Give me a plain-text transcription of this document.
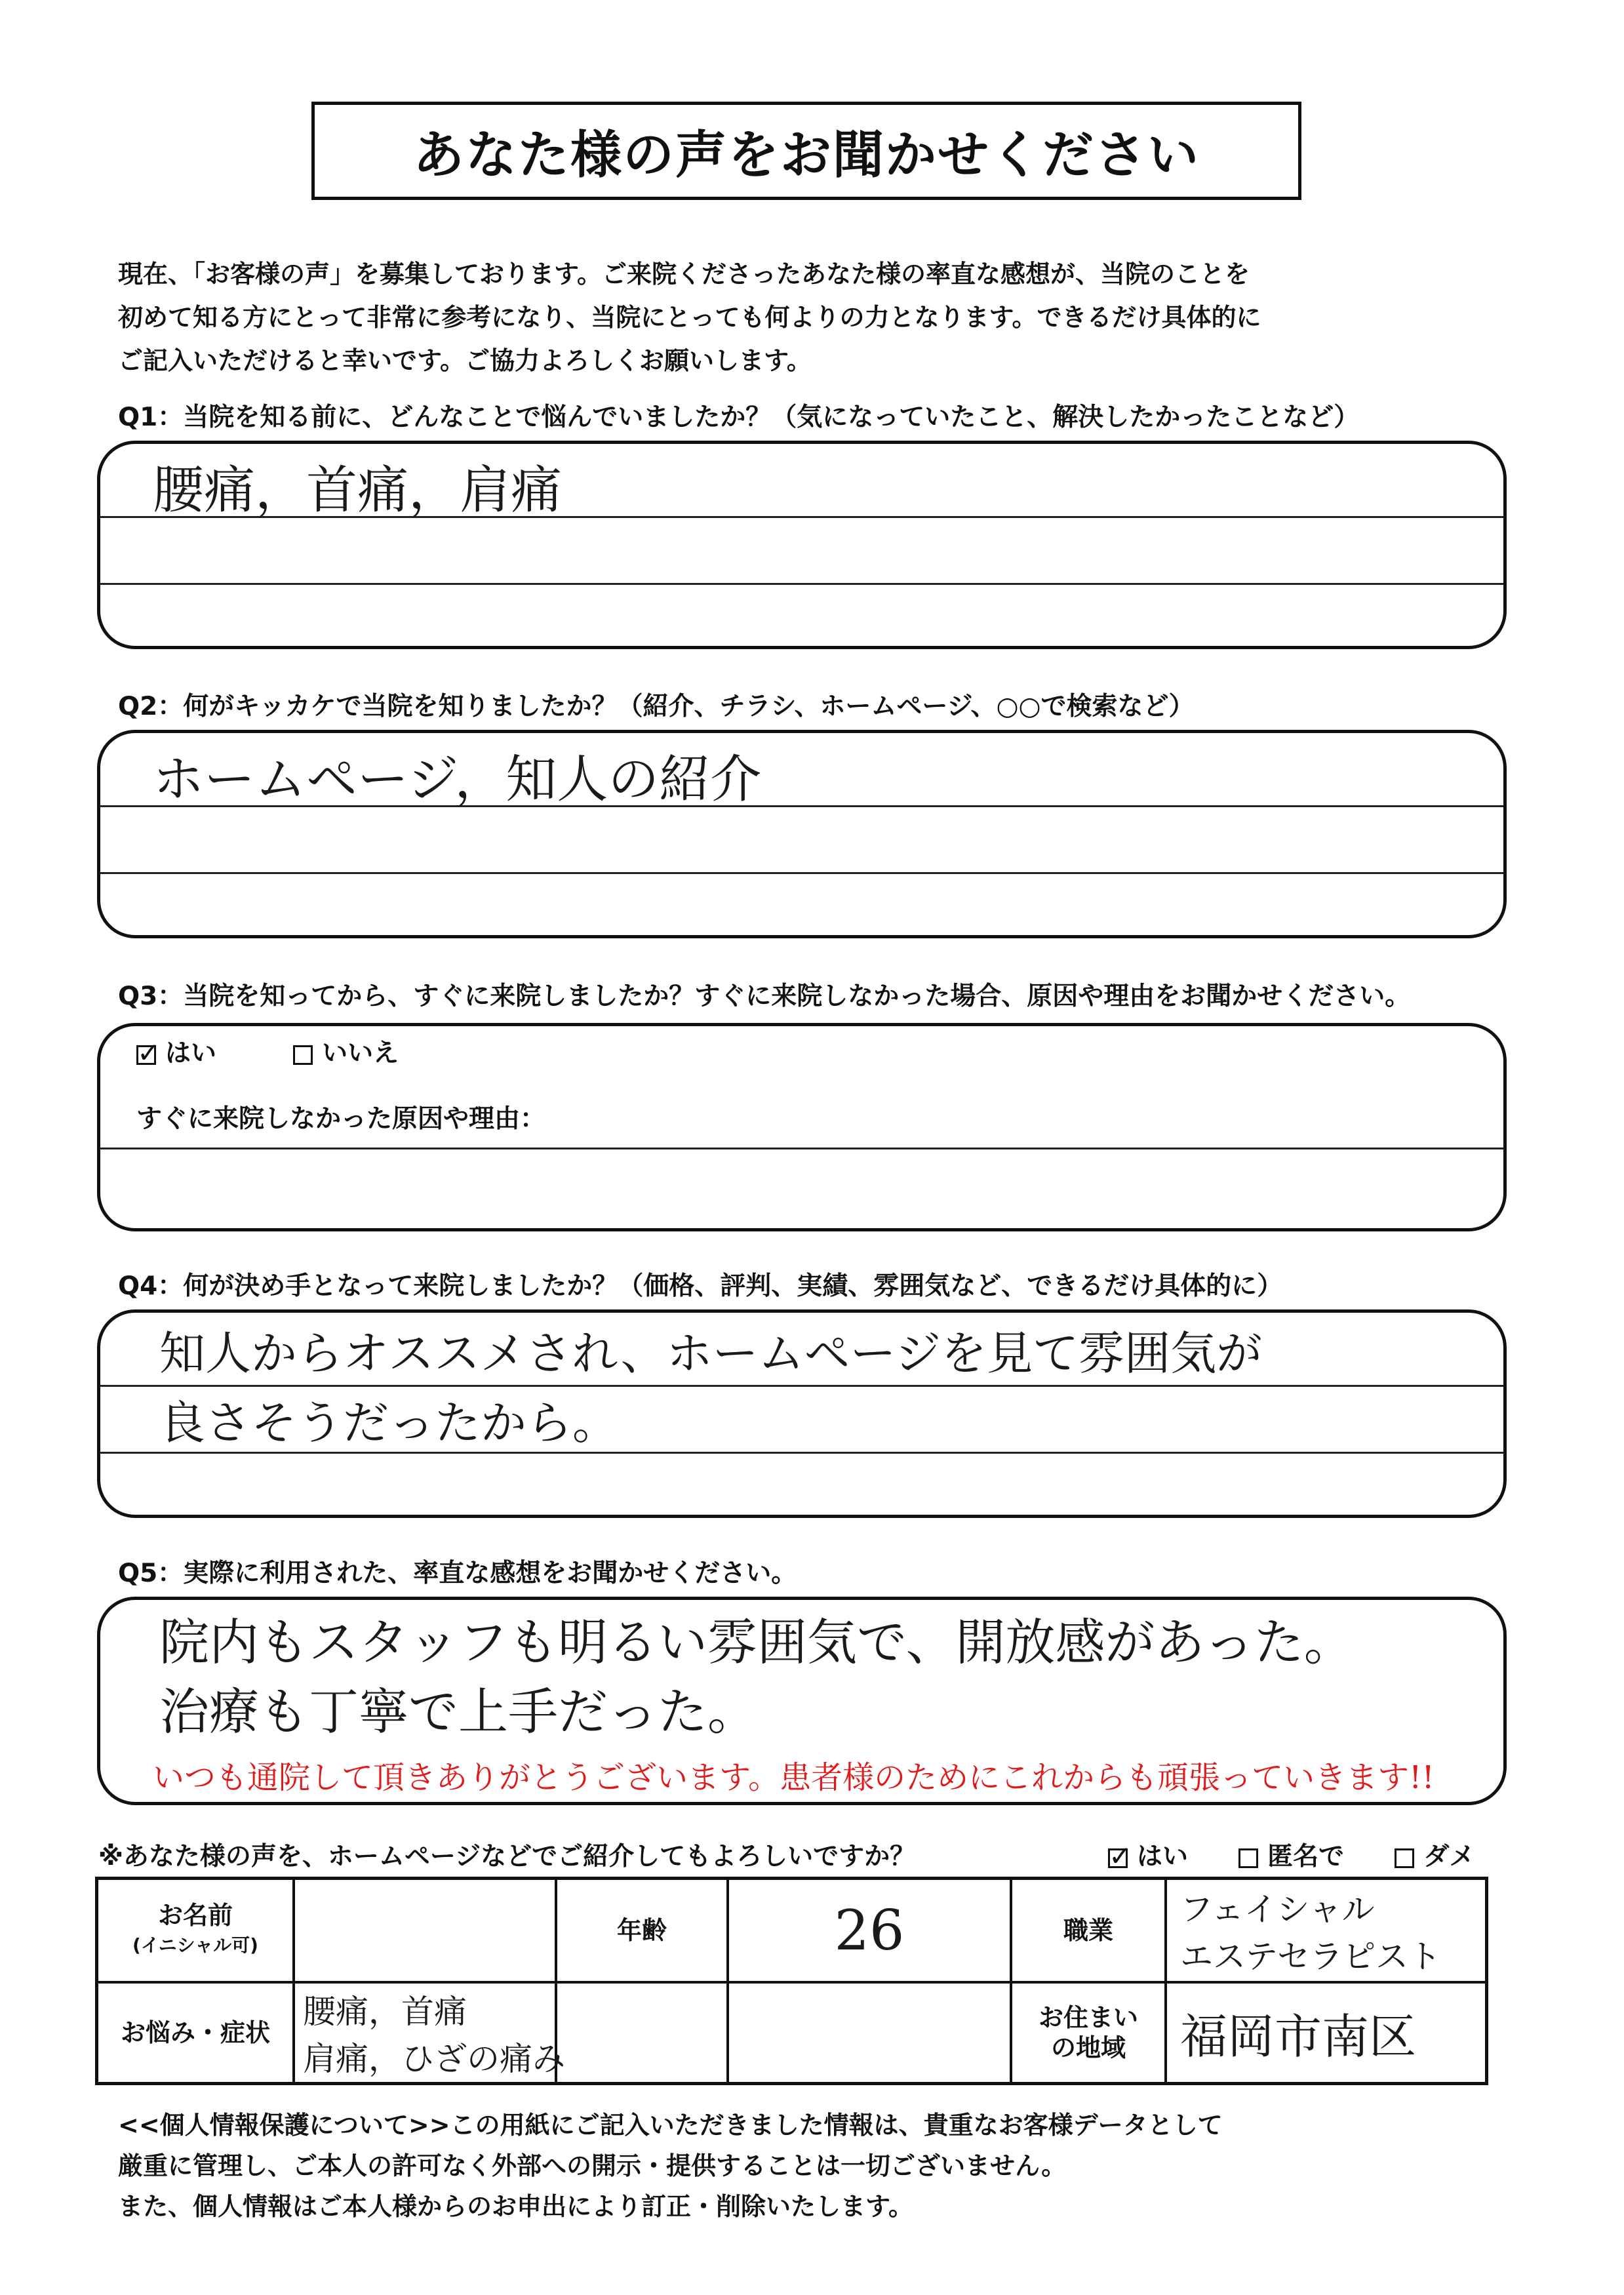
あなた様の声をお聞かせください
現在、「お客様の声」を募集しております。ご来院くださったあなた様の率直な感想が、当院のことを
初めて知る方にとって非常に参考になり、当院にとっても何よりの力となります。できるだけ具体的に
ご記入いただけると幸いです。ご協力よろしくお願いします。
Q1：当院を知る前に、どんなことで悩んでいましたか？（気になっていたこと、解決したかったことなど）
腰痛，首痛，肩痛
Q2：何がキッカケで当院を知りましたか？（紹介、チラシ、ホームページ、○○で検索など）
ホームページ，知人の紹介
Q3：当院を知ってから、すぐに来院しましたか？すぐに来院しなかった場合、原因や理由をお聞かせください。
✓はい	いいえ
すぐに来院しなかった原因や理由：
Q4：何が決め手となって来院しましたか？（価格、評判、実績、雰囲気など、できるだけ具体的に）
知人からオススメされ、ホームページを見て雰囲気が
良さそうだったから。
Q5：実際に利用された、率直な感想をお聞かせください。
院内もスタッフも明るい雰囲気で、開放感があった。
治療も丁寧で上手だった。
いつも通院して頂きありがとうございます。患者様のためにこれからも頑張っていきます!!
※あなた様の声を、ホームページなどでご紹介してもよろしいですか？
✓	はい	匿名で	ダメ
お名前
(イニシャル可)
年齢	26	職業
フェイシャル
エステセラピスト
お悩み・症状
腰痛，首痛
肩痛，ひざの痛み
お住まい
の地域 福岡市南区
<<個人情報保護について>>この用紙にご記入いただきました情報は、貴重なお客様データとして
厳重に管理し、ご本人の許可なく外部への開示・提供することは一切ございません。
また、個人情報はご本人様からのお申出により訂正・削除いたします。
